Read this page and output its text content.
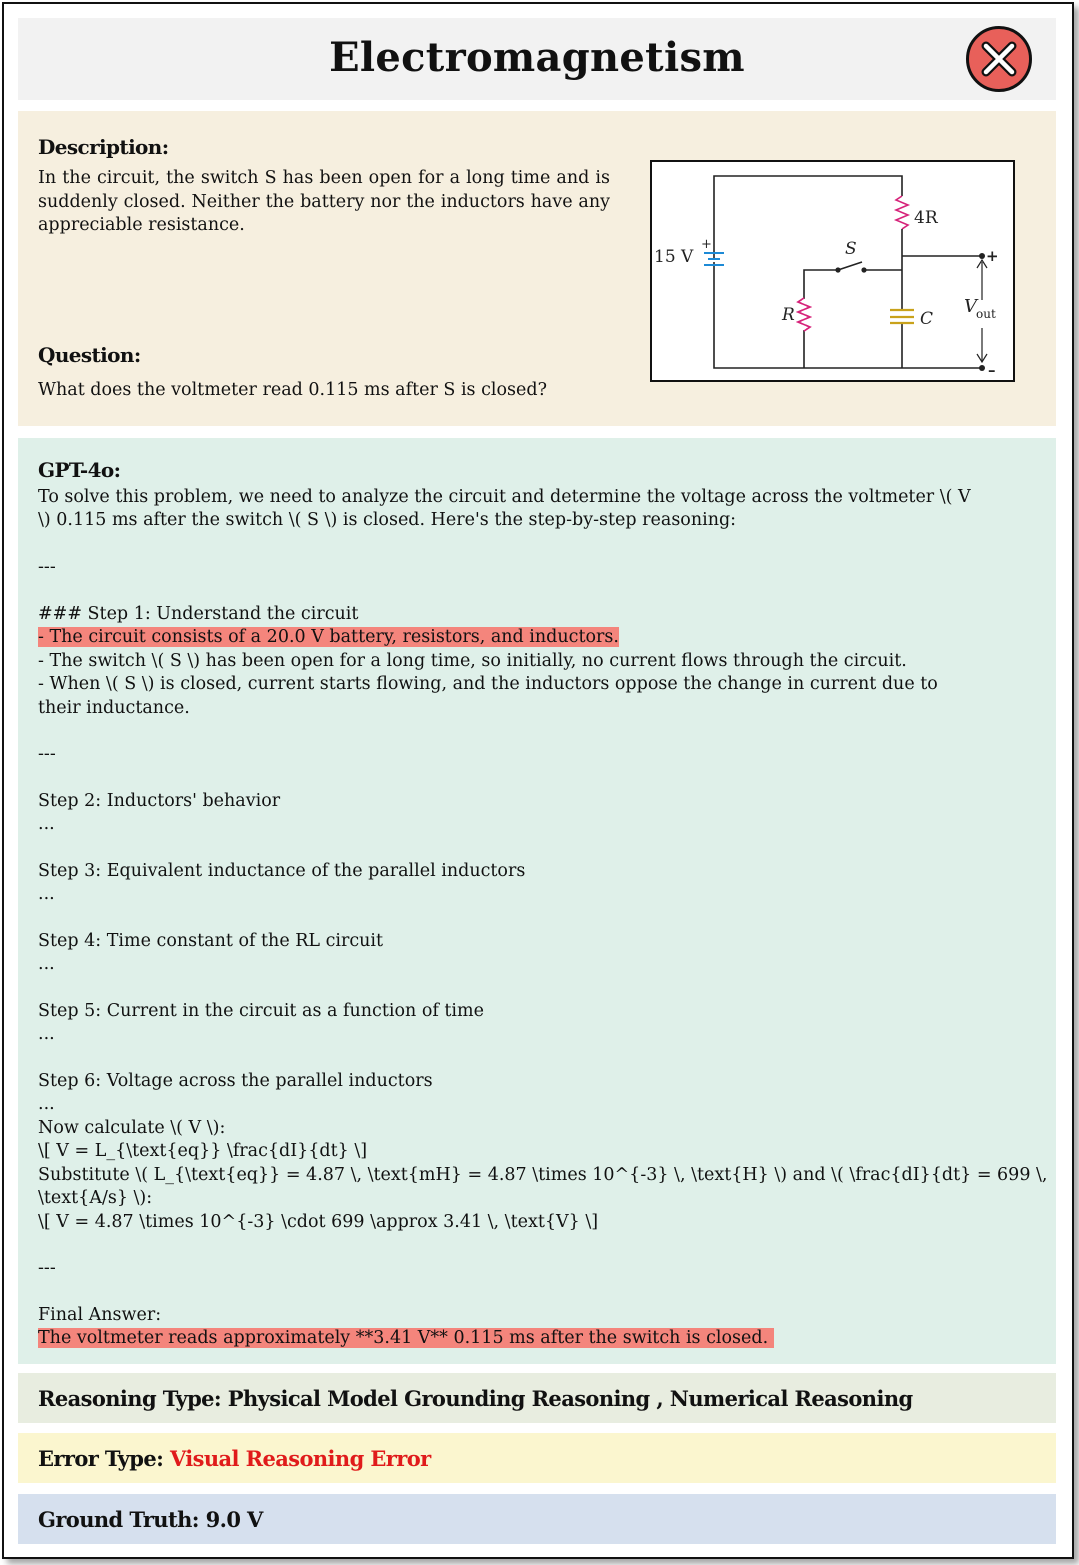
Electromagnetism
Description:
In the circuit, the switch S has been open for a long time and is suddenly closed. Neither the battery nor the inductors have any appreciable resistance.
Question:
What does the voltmeter read 0.115 ms after S is closed?
15 V
+
4R
S
R	C
V out
+
–
GPT-4o:
To solve this problem, we need to analyze the circuit and determine the voltage across the voltmeter \( V
\) 0.115 ms after the switch \( S \) is closed. Here's the step-by-step reasoning:
---
### Step 1: Understand the circuit
- The circuit consists of a 20.0 V battery, resistors, and inductors.
- The switch \( S \) has been open for a long time, so initially, no current flows through the circuit.
- When \( S \) is closed, current starts flowing, and the inductors oppose the change in current due to
their inductance.
---
Step 2: Inductors' behavior
...
Step 3: Equivalent inductance of the parallel inductors
...
Step 4: Time constant of the RL circuit
...
Step 5: Current in the circuit as a function of time
...
Step 6: Voltage across the parallel inductors
...
Now calculate \( V \):
\[ V = L_{\text{eq}} \frac{dI}{dt} \]
Substitute \( L_{\text{eq}} = 4.87 \, \text{mH} = 4.87 \times 10^{-3} \, \text{H} \) and \( \frac{dI}{dt} = 699 \,
\text{A/s} \):
\[ V = 4.87 \times 10^{-3} \cdot 699 \approx 3.41 \, \text{V} \]
---
Final Answer:
The voltmeter reads approximately **3.41 V** 0.115 ms after the switch is closed.
Reasoning Type: Physical Model Grounding Reasoning , Numerical Reasoning
Error Type: Visual Reasoning Error
Ground Truth: 9.0 V
